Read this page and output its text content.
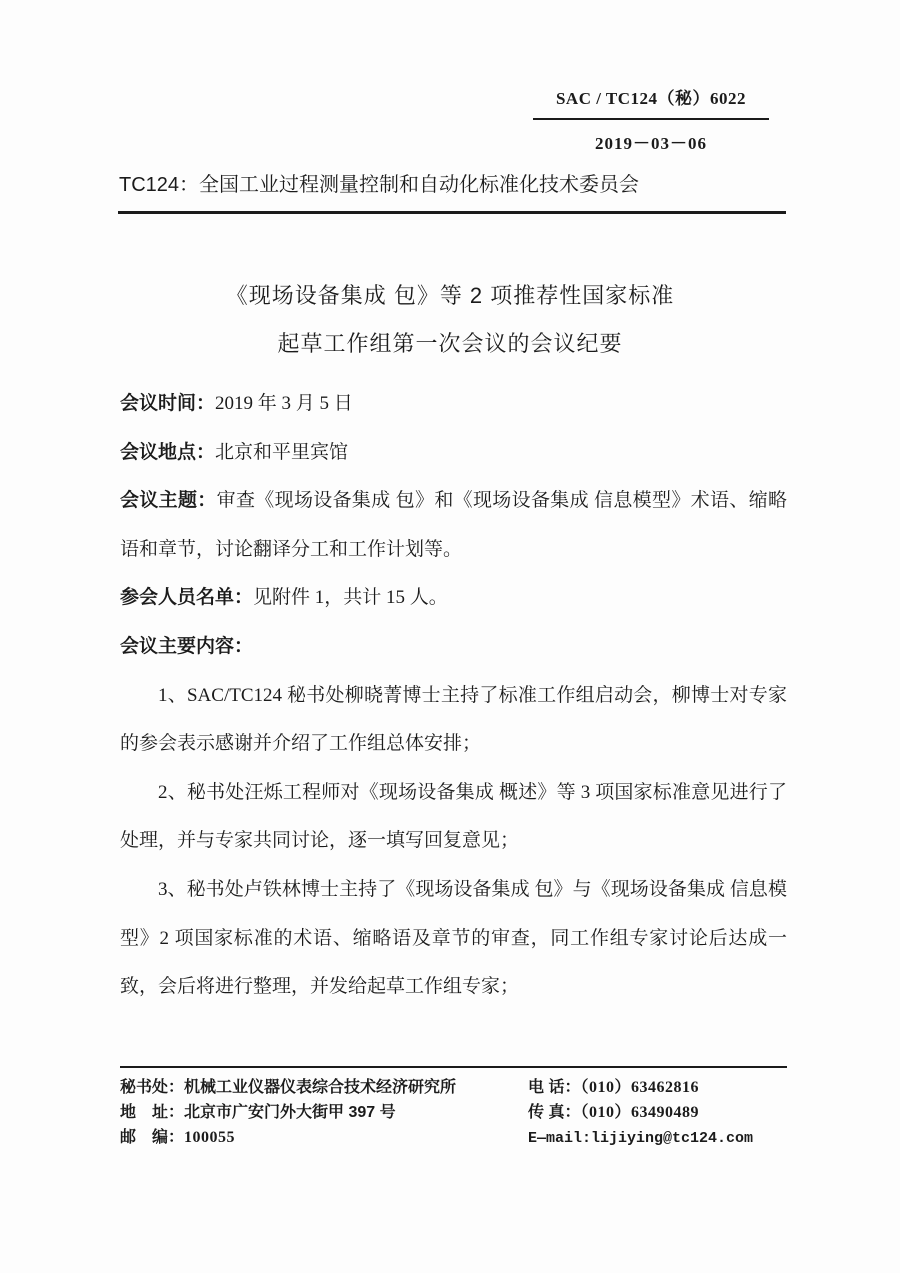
SAC / TC124（秘）6022
2019－03－06
TC124：全国工业过程测量控制和自动化标准化技术委员会
《现场设备集成 包》等 2 项推荐性国家标准
起草工作组第一次会议的会议纪要
会议时间：2019 年 3 月 5 日
会议地点：北京和平里宾馆
会议主题：审查《现场设备集成 包》和《现场设备集成 信息模型》术语、缩略语和章节，讨论翻译分工和工作计划等。
参会人员名单：见附件 1，共计 15 人。
会议主要内容：
1、SAC/TC124 秘书处柳晓菁博士主持了标准工作组启动会，柳博士对专家的参会表示感谢并介绍了工作组总体安排；
2、秘书处汪烁工程师对《现场设备集成 概述》等 3 项国家标准意见进行了处理，并与专家共同讨论，逐一填写回复意见；
3、秘书处卢铁林博士主持了《现场设备集成 包》与《现场设备集成 信息模型》2 项国家标准的术语、缩略语及章节的审查，同工作组专家讨论后达成一致，会后将进行整理，并发给起草工作组专家；
秘书处：机械工业仪器仪表综合技术经济研究所
地　址：北京市广安门外大街甲 397 号
邮　编：100055
电 话：（010）63462816
传 真：（010）63490489
E—mail:lijiying@tc124.com
